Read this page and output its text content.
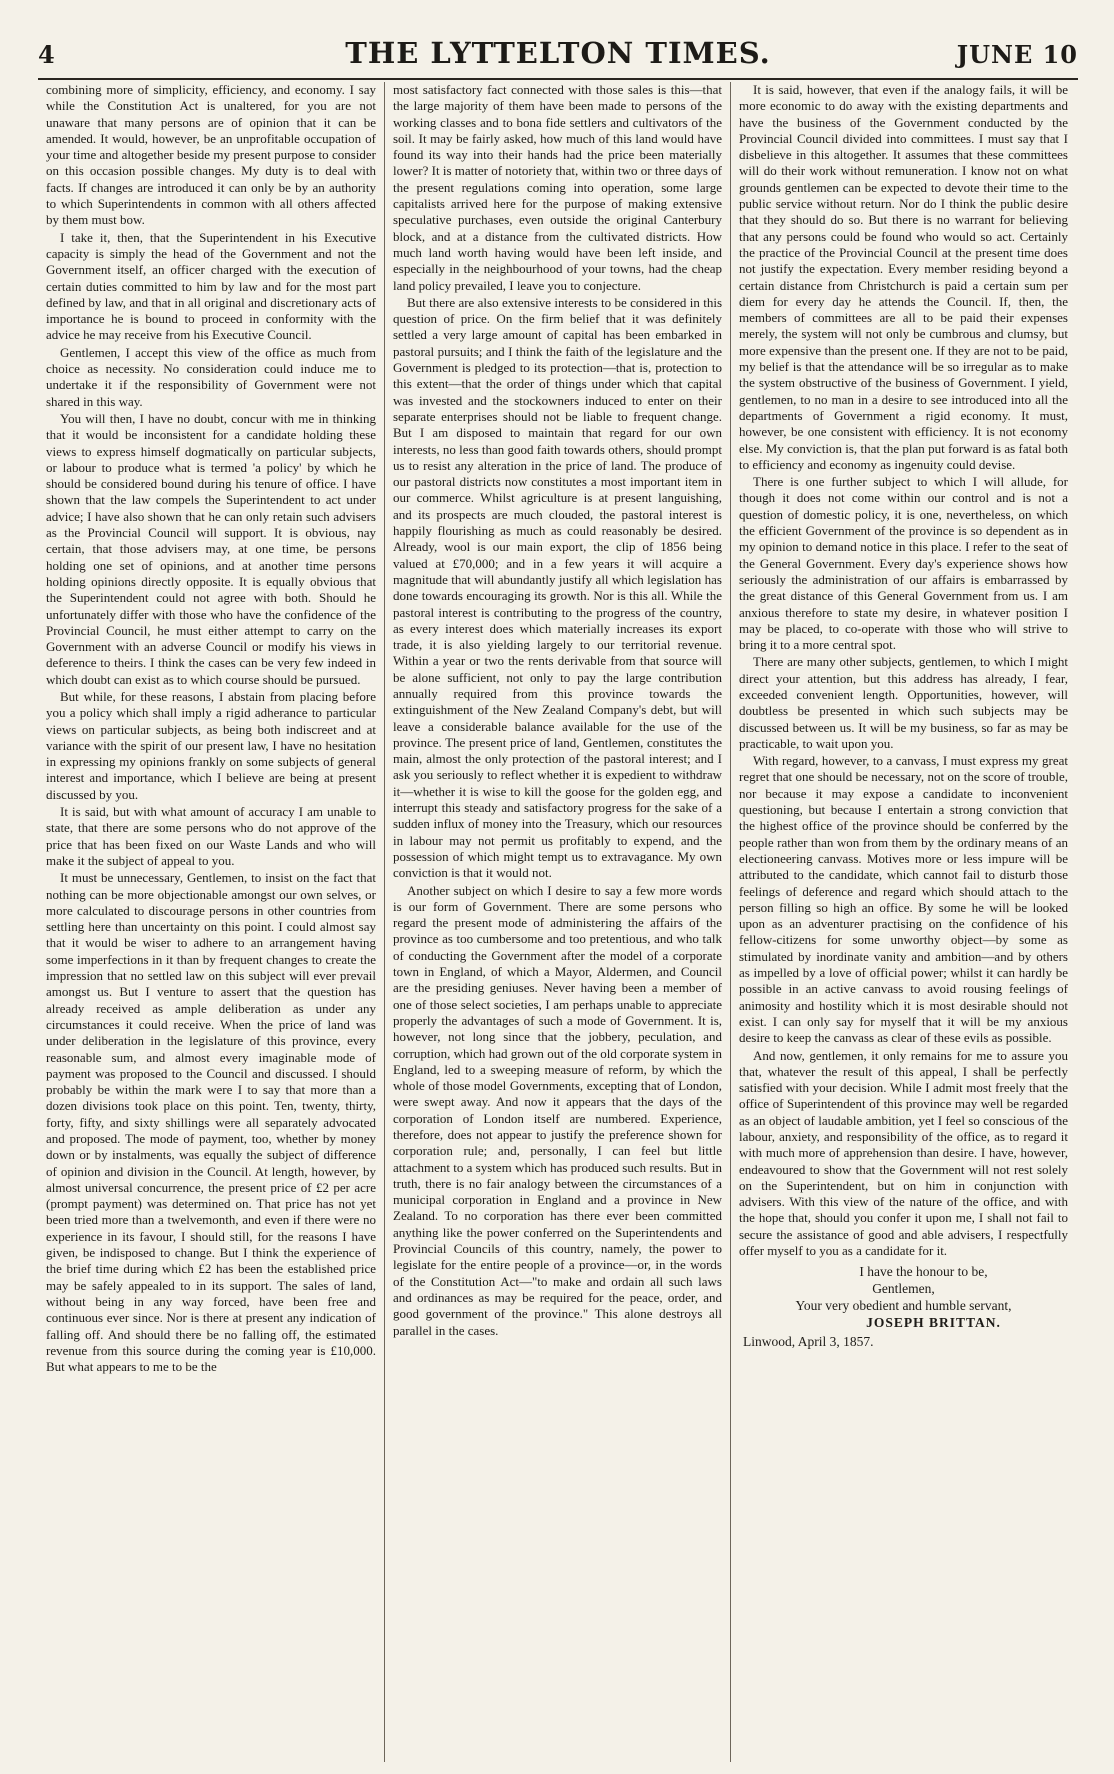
4	THE LYTTELTON TIMES.	JUNE 10

combining more of simplicity, efficiency, and economy. I say while the Constitution Act is unaltered, for you are not unaware that many persons are of opinion that it can be amended. It would, however, be an unprofitable occupation of your time and altogether beside my present purpose to consider on this occasion possible changes. My duty is to deal with facts. If changes are introduced it can only be by an authority to which Superintendents in common with all others affected by them must bow.

I take it, then, that the Superintendent in his Executive capacity is simply the head of the Government and not the Government itself, an officer charged with the execution of certain duties committed to him by law and for the most part defined by law, and that in all original and discretionary acts of importance he is bound to proceed in conformity with the advice he may receive from his Executive Council.

Gentlemen, I accept this view of the office as much from choice as necessity. No consideration could induce me to undertake it if the responsibility of Government were not shared in this way.

You will then, I have no doubt, concur with me in thinking that it would be inconsistent for a candidate holding these views to express himself dogmatically on particular subjects, or labour to produce what is termed 'a policy' by which he should be considered bound during his tenure of office. I have shown that the law compels the Superintendent to act under advice; I have also shown that he can only retain such advisers as the Provincial Council will support. It is obvious, nay certain, that those advisers may, at one time, be persons holding one set of opinions, and at another time persons holding opinions directly opposite. It is equally obvious that the Superintendent could not agree with both. Should he unfortunately differ with those who have the confidence of the Provincial Council, he must either attempt to carry on the Government with an adverse Council or modify his views in deference to theirs. I think the cases can be very few indeed in which doubt can exist as to which course should be pursued.

But while, for these reasons, I abstain from placing before you a policy which shall imply a rigid adherance to particular views on particular subjects, as being both indiscreet and at variance with the spirit of our present law, I have no hesitation in expressing my opinions frankly on some subjects of general interest and importance, which I believe are being at present discussed by you.

It is said, but with what amount of accuracy I am unable to state, that there are some persons who do not approve of the price that has been fixed on our Waste Lands and who will make it the subject of appeal to you.

It must be unnecessary, Gentlemen, to insist on the fact that nothing can be more objectionable amongst our own selves, or more calculated to discourage persons in other countries from settling here than uncertainty on this point. I could almost say that it would be wiser to adhere to an arrangement having some imperfections in it than by frequent changes to create the impression that no settled law on this subject will ever prevail amongst us. But I venture to assert that the question has already received as ample deliberation as under any circumstances it could receive. When the price of land was under deliberation in the legislature of this province, every reasonable sum, and almost every imaginable mode of payment was proposed to the Council and discussed. I should probably be within the mark were I to say that more than a dozen divisions took place on this point. Ten, twenty, thirty, forty, fifty, and sixty shillings were all separately advocated and proposed. The mode of payment, too, whether by money down or by instalments, was equally the subject of difference of opinion and division in the Council. At length, however, by almost universal concurrence, the present price of £2 per acre (prompt payment) was determined on. That price has not yet been tried more than a twelvemonth, and even if there were no experience in its favour, I should still, for the reasons I have given, be indisposed to change. But I think the experience of the brief time during which £2 has been the established price may be safely appealed to in its support. The sales of land, without being in any way forced, have been free and continuous ever since. Nor is there at present any indication of falling off. And should there be no falling off, the estimated revenue from this source during the coming year is £10,000. But what appears to me to be the

most satisfactory fact connected with those sales is this—that the large majority of them have been made to persons of the working classes and to bona fide settlers and cultivators of the soil. It may be fairly asked, how much of this land would have found its way into their hands had the price been materially lower? It is matter of notoriety that, within two or three days of the present regulations coming into operation, some large capitalists arrived here for the purpose of making extensive speculative purchases, even outside the original Canterbury block, and at a distance from the cultivated districts. How much land worth having would have been left inside, and especially in the neighbourhood of your towns, had the cheap land policy prevailed, I leave you to conjecture.

But there are also extensive interests to be considered in this question of price. On the firm belief that it was definitely settled a very large amount of capital has been embarked in pastoral pursuits; and I think the faith of the legislature and the Government is pledged to its protection—that is, protection to this extent—that the order of things under which that capital was invested and the stockowners induced to enter on their separate enterprises should not be liable to frequent change. But I am disposed to maintain that regard for our own interests, no less than good faith towards others, should prompt us to resist any alteration in the price of land. The produce of our pastoral districts now constitutes a most important item in our commerce. Whilst agriculture is at present languishing, and its prospects are much clouded, the pastoral interest is happily flourishing as much as could reasonably be desired. Already, wool is our main export, the clip of 1856 being valued at £70,000; and in a few years it will acquire a magnitude that will abundantly justify all which legislation has done towards encouraging its growth. Nor is this all. While the pastoral interest is contributing to the progress of the country, as every interest does which materially increases its export trade, it is also yielding largely to our territorial revenue. Within a year or two the rents derivable from that source will be alone sufficient, not only to pay the large contribution annually required from this province towards the extinguishment of the New Zealand Company's debt, but will leave a considerable balance available for the use of the province. The present price of land, Gentlemen, constitutes the main, almost the only protection of the pastoral interest; and I ask you seriously to reflect whether it is expedient to withdraw it—whether it is wise to kill the goose for the golden egg, and interrupt this steady and satisfactory progress for the sake of a sudden influx of money into the Treasury, which our resources in labour may not permit us profitably to expend, and the possession of which might tempt us to extravagance. My own conviction is that it would not.

Another subject on which I desire to say a few more words is our form of Government. There are some persons who regard the present mode of administering the affairs of the province as too cumbersome and too pretentious, and who talk of conducting the Government after the model of a corporate town in England, of which a Mayor, Aldermen, and Council are the presiding geniuses. Never having been a member of one of those select societies, I am perhaps unable to appreciate properly the advantages of such a mode of Government. It is, however, not long since that the jobbery, peculation, and corruption, which had grown out of the old corporate system in England, led to a sweeping measure of reform, by which the whole of those model Governments, excepting that of London, were swept away. And now it appears that the days of the corporation of London itself are numbered. Experience, therefore, does not appear to justify the preference shown for corporation rule; and, personally, I can feel but little attachment to a system which has produced such results. But in truth, there is no fair analogy between the circumstances of a municipal corporation in England and a province in New Zealand. To no corporation has there ever been committed anything like the power conferred on the Superintendents and Provincial Councils of this country, namely, the power to legislate for the entire people of a province—or, in the words of the Constitution Act—"to make and ordain all such laws and ordinances as may be required for the peace, order, and good government of the province." This alone destroys all parallel in the cases.

It is said, however, that even if the analogy fails, it will be more economic to do away with the existing departments and have the business of the Government conducted by the Provincial Council divided into committees. I must say that I disbelieve in this altogether. It assumes that these committees will do their work without remuneration. I know not on what grounds gentlemen can be expected to devote their time to the public service without return. Nor do I think the public desire that they should do so. But there is no warrant for believing that any persons could be found who would so act. Certainly the practice of the Provincial Council at the present time does not justify the expectation. Every member residing beyond a certain distance from Christchurch is paid a certain sum per diem for every day he attends the Council. If, then, the members of committees are all to be paid their expenses merely, the system will not only be cumbrous and clumsy, but more expensive than the present one. If they are not to be paid, my belief is that the attendance will be so irregular as to make the system obstructive of the business of Government. I yield, gentlemen, to no man in a desire to see introduced into all the departments of Government a rigid economy. It must, however, be one consistent with efficiency. It is not economy else. My conviction is, that the plan put forward is as fatal both to efficiency and economy as ingenuity could devise.

There is one further subject to which I will allude, for though it does not come within our control and is not a question of domestic policy, it is one, nevertheless, on which the efficient Government of the province is so dependent as in my opinion to demand notice in this place. I refer to the seat of the General Government. Every day's experience shows how seriously the administration of our affairs is embarrassed by the great distance of this General Government from us. I am anxious therefore to state my desire, in whatever position I may be placed, to co-operate with those who will strive to bring it to a more central spot.

There are many other subjects, gentlemen, to which I might direct your attention, but this address has already, I fear, exceeded convenient length. Opportunities, however, will doubtless be presented in which such subjects may be discussed between us. It will be my business, so far as may be practicable, to wait upon you.

With regard, however, to a canvass, I must express my great regret that one should be necessary, not on the score of trouble, nor because it may expose a candidate to inconvenient questioning, but because I entertain a strong conviction that the highest office of the province should be conferred by the people rather than won from them by the ordinary means of an electioneering canvass. Motives more or less impure will be attributed to the candidate, which cannot fail to disturb those feelings of deference and regard which should attach to the person filling so high an office. By some he will be looked upon as an adventurer practising on the confidence of his fellow-citizens for some unworthy object—by some as stimulated by inordinate vanity and ambition—and by others as impelled by a love of official power; whilst it can hardly be possible in an active canvass to avoid rousing feelings of animosity and hostility which it is most desirable should not exist. I can only say for myself that it will be my anxious desire to keep the canvass as clear of these evils as possible.

And now, gentlemen, it only remains for me to assure you that, whatever the result of this appeal, I shall be perfectly satisfied with your decision. While I admit most freely that the office of Superintendent of this province may well be regarded as an object of laudable ambition, yet I feel so conscious of the labour, anxiety, and responsibility of the office, as to regard it with much more of apprehension than desire. I have, however, endeavoured to show that the Government will not rest solely on the Superintendent, but on him in conjunction with advisers. With this view of the nature of the office, and with the hope that, should you confer it upon me, I shall not fail to secure the assistance of good and able advisers, I respectfully offer myself to you as a candidate for it.

I have the honour to be,
Gentlemen,
Your very obedient and humble servant,
JOSEPH BRITTAN.
Linwood, April 3, 1857.
